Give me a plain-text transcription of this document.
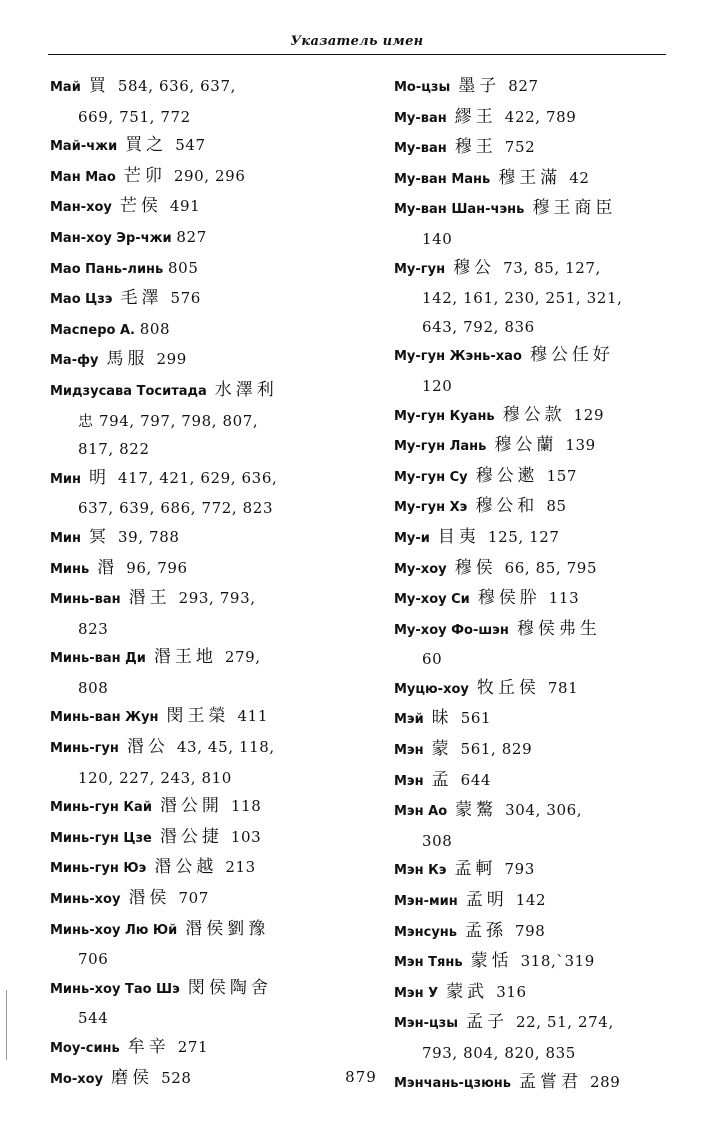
Указатель имен
Май 買 584, 636, 637,
669, 751, 772
Май-чжи 買之 547
Ман Мао 芒卯 290, 296
Ман-хоу 芒侯 491
Ман-хоу Эр-чжи 827
Мао Пань-линь 805
Мао Цзэ 毛澤 576
Масперо А. 808
Ма-фу 馬服 299
Мидзусава Тоситада 水澤利
忠 794, 797, 798, 807,
817, 822
Мин 明 417, 421, 629, 636,
637, 639, 686, 772, 823
Мин 冥 39, 788
Минь 湣 96, 796
Минь-ван 湣王 293, 793,
823
Минь-ван Ди 湣王地 279,
808
Минь-ван Жун 閔王榮 411
Минь-гун 湣公 43, 45, 118,
120, 227, 243, 810
Минь-гун Кай 湣公開 118
Минь-гун Цзе 湣公捷 103
Минь-гун Юэ 湣公越 213
Минь-хоу 湣侯 707
Минь-хоу Лю Юй 湣侯劉豫
706
Минь-хоу Тао Шэ 閔侯陶舍
544
Моу-синь 牟辛 271
Мо-хоу 磨侯 528
Мо-цзы 墨子 827
Му-ван 繆王 422, 789
Му-ван 穆王 752
Му-ван Мань 穆王滿 42
Му-ван Шан-чэнь 穆王商臣
140
Му-гун 穆公 73, 85, 127,
142, 161, 230, 251, 321,
643, 792, 836
Му-гун Жэнь-хао 穆公任好
120
Му-гун Куань 穆公款 129
Му-гун Лань 穆公蘭 139
Му-гун Су 穆公遬 157
Му-гун Хэ 穆公和 85
Му-и 目夷 125, 127
Му-хоу 穆侯 66, 85, 795
Му-хоу Си 穆侯肸 113
Му-хоу Фо-шэн 穆侯弗生
60
Муцю-хоу 牧丘侯 781
Мэй 昧 561
Мэн 蒙 561, 829
Мэн 孟 644
Мэн Ао 蒙驁 304, 306,
308
Мэн Кэ 孟軻 793
Мэн-мин 孟明 142
Мэнсунь 孟孫 798
Мэн Тянь 蒙恬 318,`319
Мэн У 蒙武 316
Мэн-цзы 孟子 22, 51, 274,
793, 804, 820, 835
Мэнчань-цзюнь 孟嘗君 289
879
